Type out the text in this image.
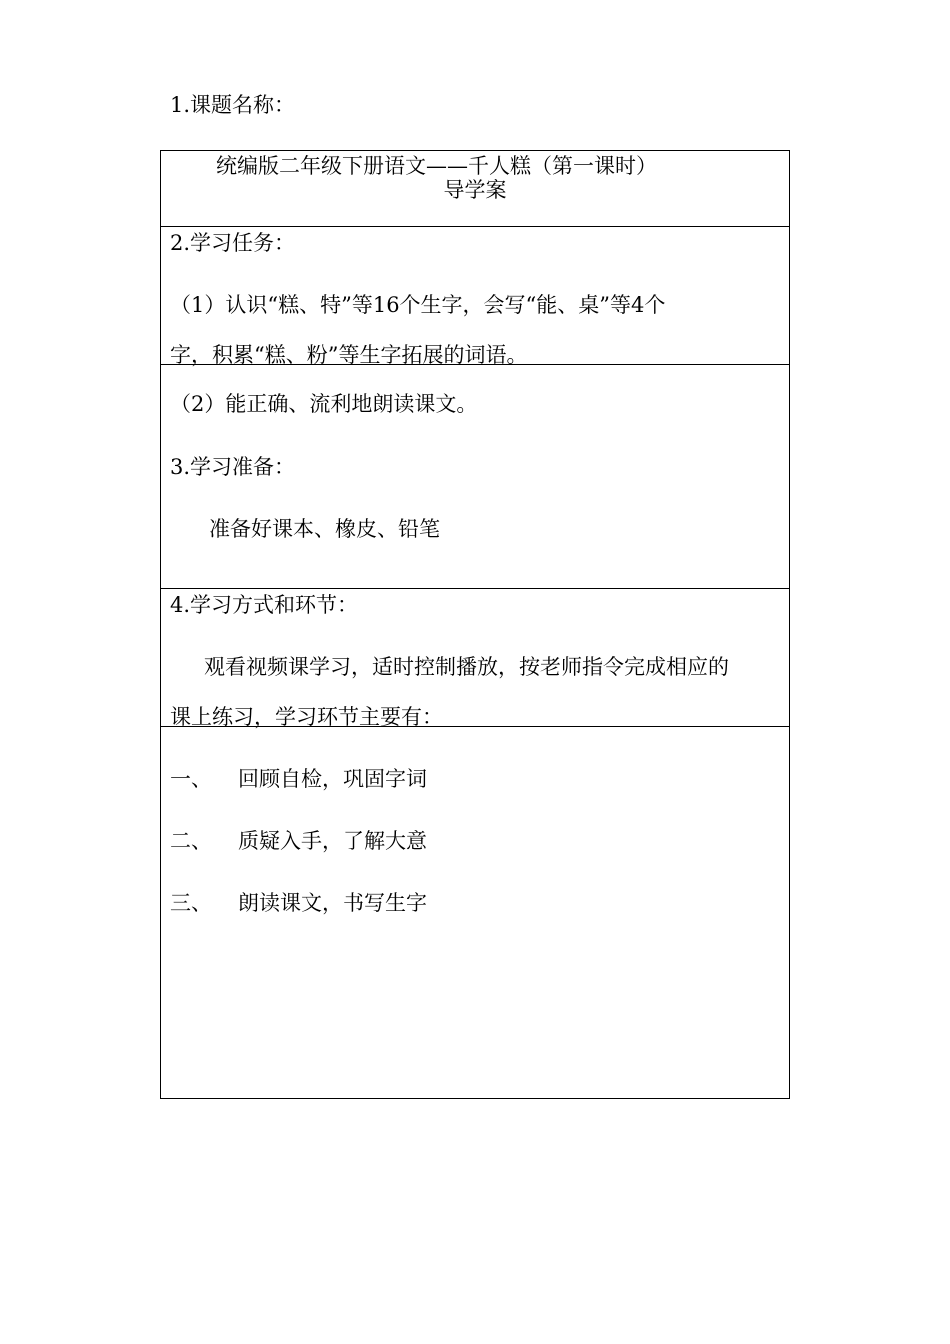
导学案
1.课题名称：
统编版二年级下册语文——千人糕（第一课时）
2.学习任务：
（1）认识“糕、特”等16个生字，会写“能、桌”等4个
字，积累“糕、粉”等生字拓展的词语。
（2）能正确、流利地朗读课文。
3.学习准备：
准备好课本、橡皮、铅笔
4.学习方式和环节：
观看视频课学习，适时控制播放，按老师指令完成相应的
课上练习，学习环节主要有：
一、 回顾自检，巩固字词
二、 质疑入手，了解大意
三、 朗读课文，书写生字
